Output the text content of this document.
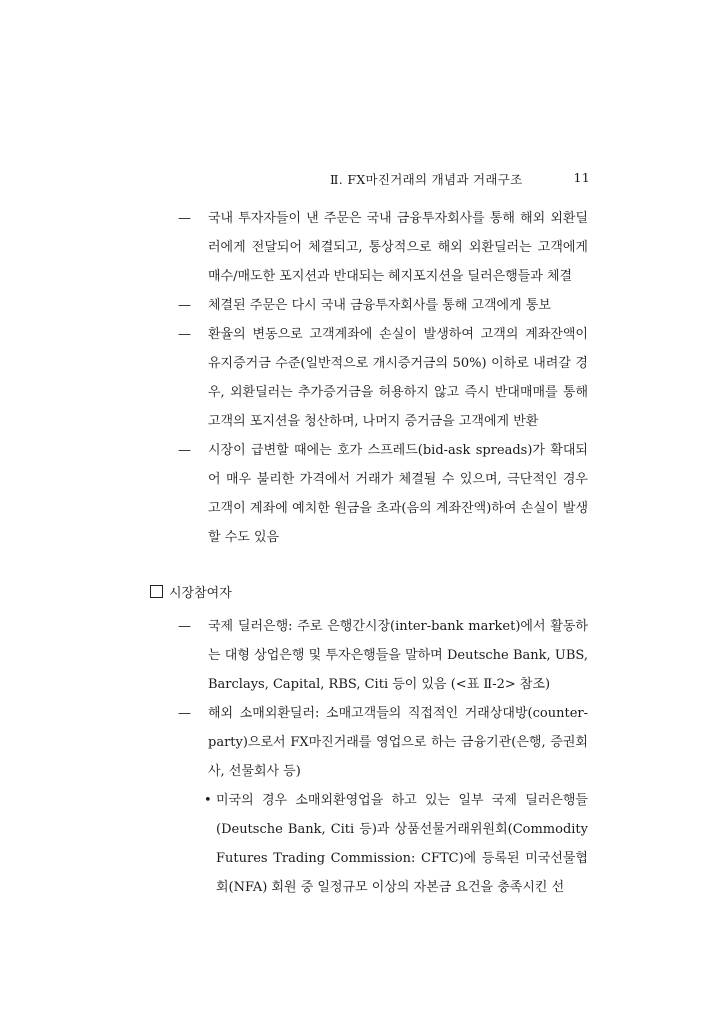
Ⅱ. FX마진거래의 개념과 거래구조	11
— 국내 투자자들이 낸 주문은 국내 금융투자회사를 통해 해외 외환딜러에게 전달되어 체결되고, 통상적으로 해외 외환딜러는 고객에게 매수/매도한 포지션과 반대되는 헤지포지션을 딜러은행들과 체결
— 체결된 주문은 다시 국내 금융투자회사를 통해 고객에게 통보
— 환율의 변동으로 고객계좌에 손실이 발생하여 고객의 계좌잔액이 유지증거금 수준(일반적으로 개시증거금의 50%) 이하로 내려갈 경우, 외환딜러는 추가증거금을 허용하지 않고 즉시 반대매매를 통해 고객의 포지션을 청산하며, 나머지 증거금을 고객에게 반환
— 시장이 급변할 때에는 호가 스프레드(bid-ask spreads)가 확대되어 매우 불리한 가격에서 거래가 체결될 수 있으며, 극단적인 경우 고객이 계좌에 예치한 원금을 초과(음의 계좌잔액)하여 손실이 발생할 수도 있음
시장참여자
— 국제 딜러은행: 주로 은행간시장(inter-bank market)에서 활동하는 대형 상업은행 및 투자은행들을 말하며 Deutsche Bank, UBS, Barclays, Capital, RBS, Citi 등이 있음 (<표 Ⅱ-2> 참조)
— 해외 소매외환딜러: 소매고객들의 직접적인 거래상대방(counter-party)으로서 FX마진거래를 영업으로 하는 금융기관(은행, 증권회사, 선물회사 등)
• 미국의 경우 소매외환영업을 하고 있는 일부 국제 딜러은행들(Deutsche Bank, Citi 등)과 상품선물거래위원회(Commodity Futures Trading Commission: CFTC)에 등록된 미국선물협회(NFA) 회원 중 일정규모 이상의 자본금 요건을 충족시킨 선
